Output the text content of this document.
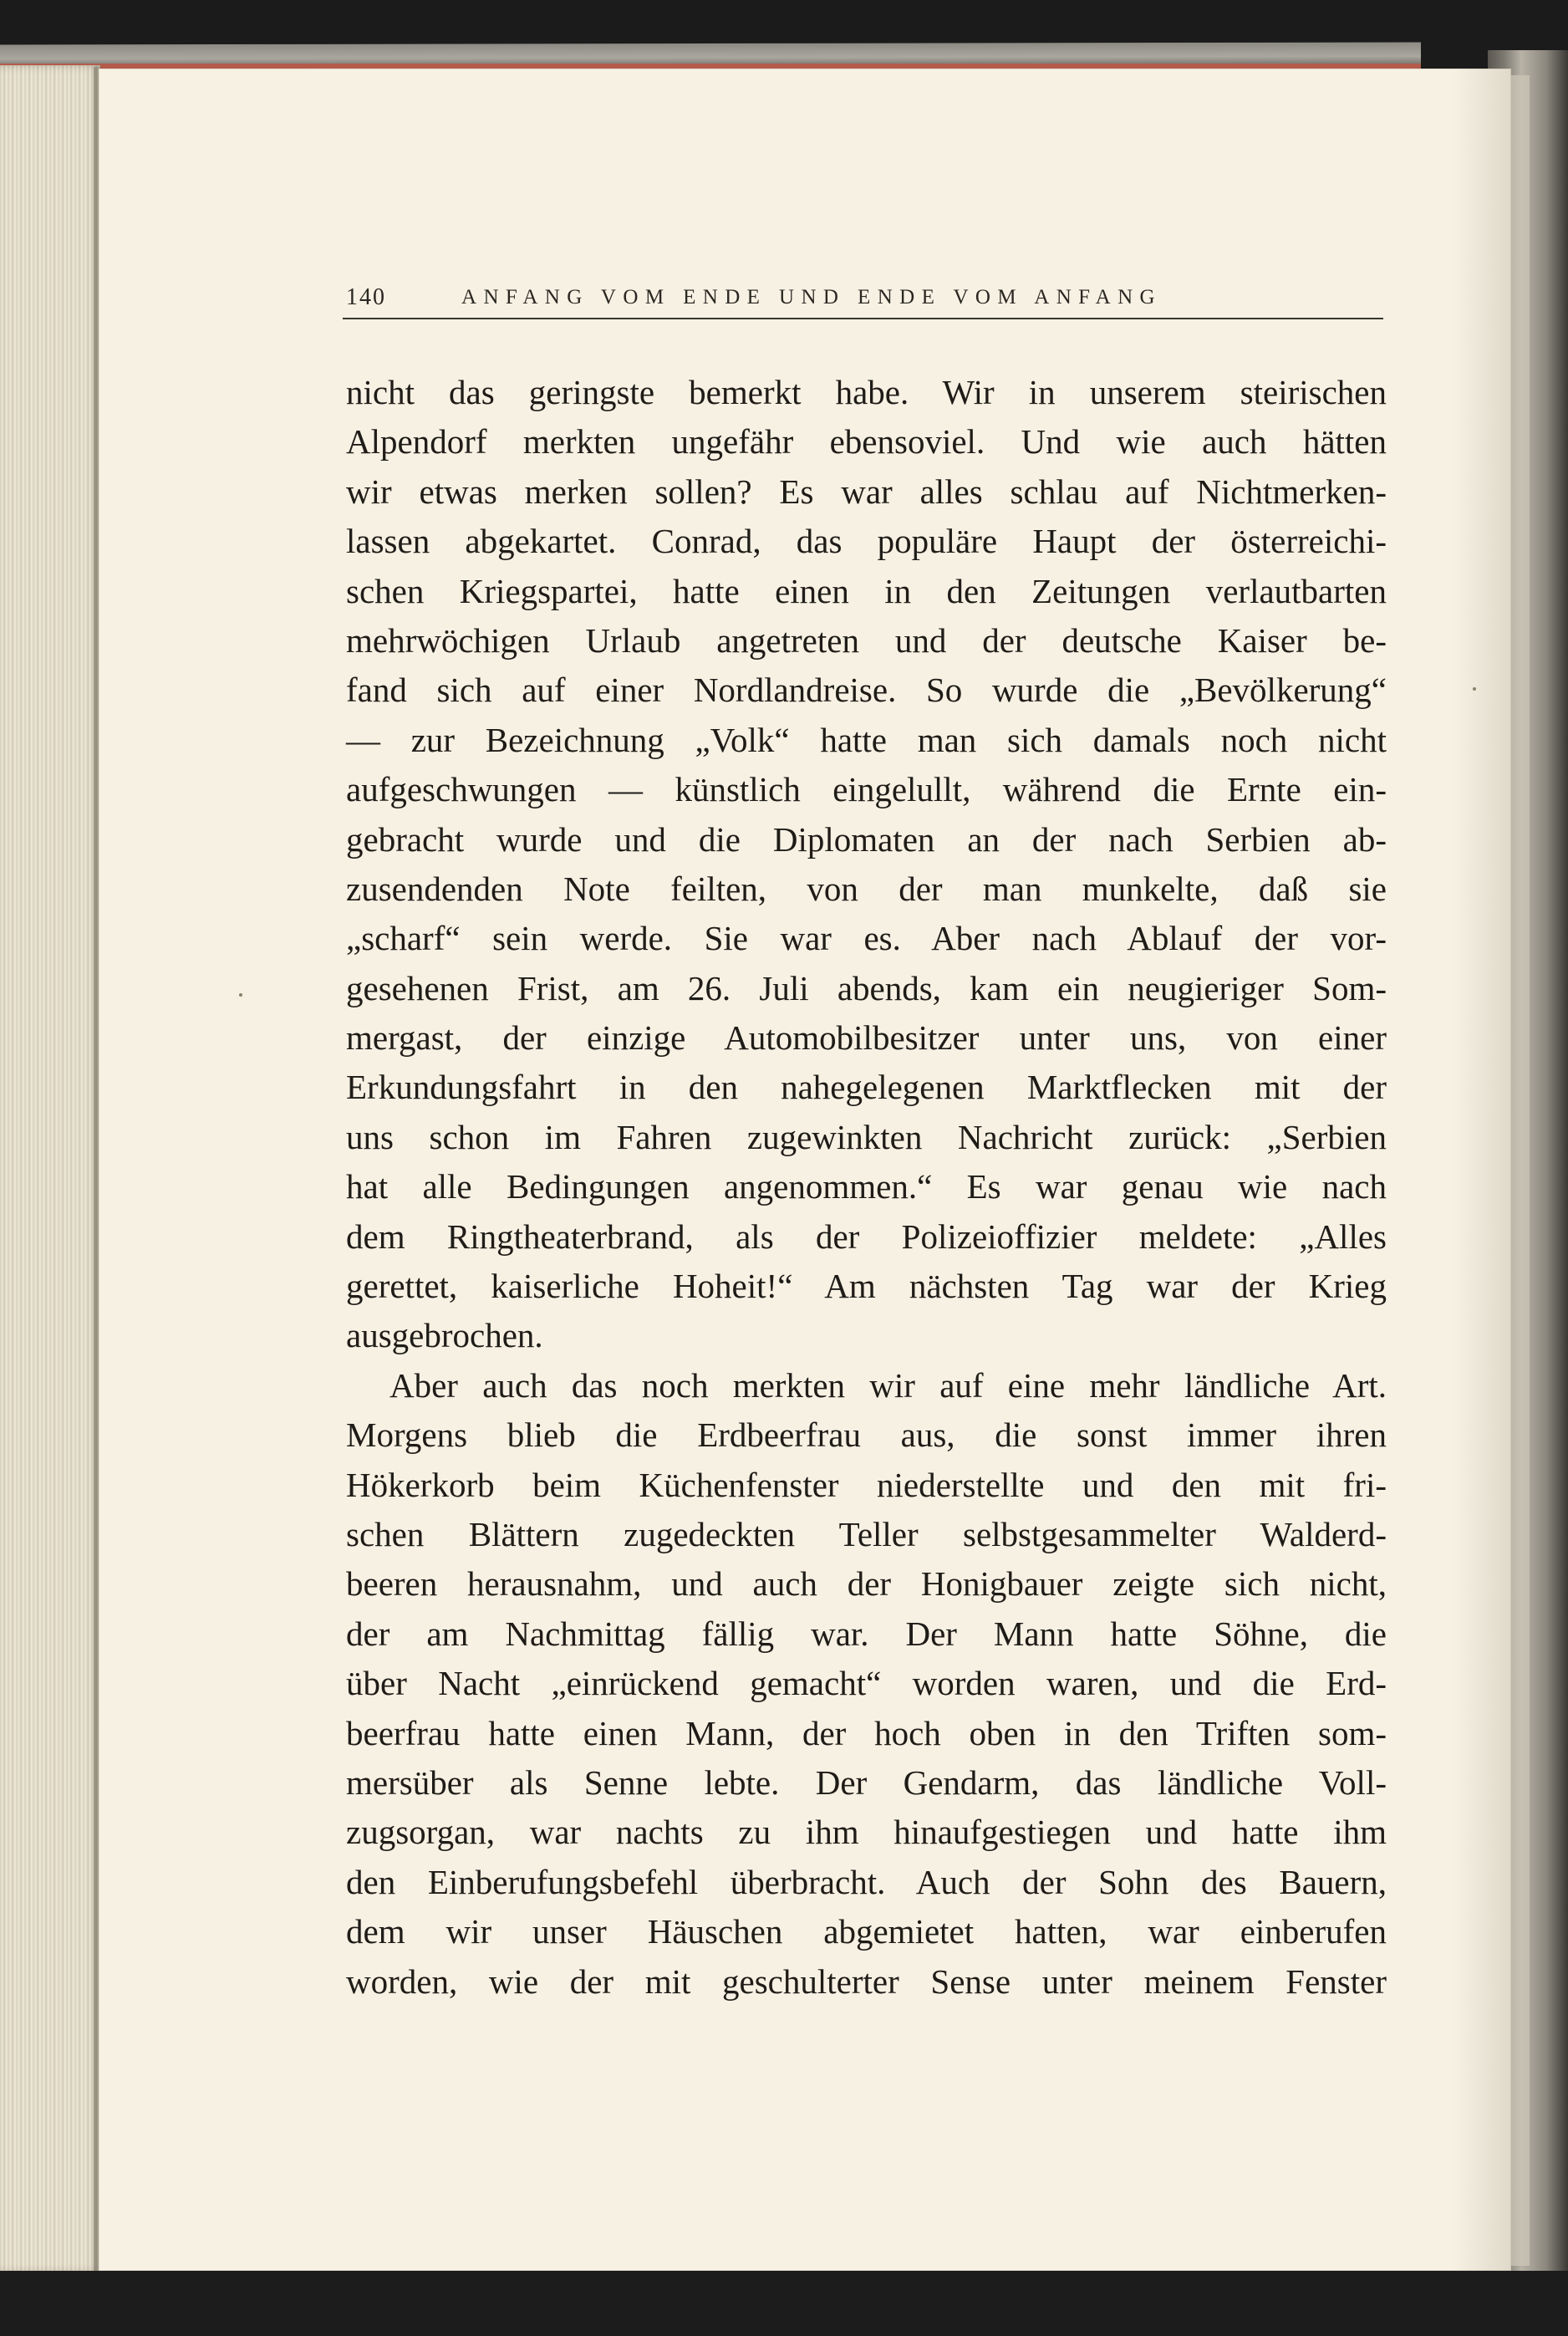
140	ANFANG VOM ENDE UND ENDE VOM ANFANG
nicht das geringste bemerkt habe. Wir in unserem steirischen
Alpendorf merkten ungefähr ebensoviel. Und wie auch hätten
wir etwas merken sollen? Es war alles schlau auf Nichtmerken-
lassen abgekartet. Conrad, das populäre Haupt der österreichi-
schen Kriegspartei, hatte einen in den Zeitungen verlautbarten
mehrwöchigen Urlaub angetreten und der deutsche Kaiser be-
fand sich auf einer Nordlandreise. So wurde die „Bevölkerung“
— zur Bezeichnung „Volk“ hatte man sich damals noch nicht
aufgeschwungen — künstlich eingelullt, während die Ernte ein-
gebracht wurde und die Diplomaten an der nach Serbien ab-
zusendenden Note feilten, von der man munkelte, daß sie
„scharf“ sein werde. Sie war es. Aber nach Ablauf der vor-
gesehenen Frist, am 26. Juli abends, kam ein neugieriger Som-
mergast, der einzige Automobilbesitzer unter uns, von einer
Erkundungsfahrt in den nahegelegenen Marktflecken mit der
uns schon im Fahren zugewinkten Nachricht zurück: „Serbien
hat alle Bedingungen angenommen.“ Es war genau wie nach
dem Ringtheaterbrand, als der Polizeioffizier meldete: „Alles
gerettet, kaiserliche Hoheit!“ Am nächsten Tag war der Krieg
ausgebrochen.
Aber auch das noch merkten wir auf eine mehr ländliche Art.
Morgens blieb die Erdbeerfrau aus, die sonst immer ihren
Hökerkorb beim Küchenfenster niederstellte und den mit fri-
schen Blättern zugedeckten Teller selbstgesammelter Walderd-
beeren herausnahm, und auch der Honigbauer zeigte sich nicht,
der am Nachmittag fällig war. Der Mann hatte Söhne, die
über Nacht „einrückend gemacht“ worden waren, und die Erd-
beerfrau hatte einen Mann, der hoch oben in den Triften som-
mersüber als Senne lebte. Der Gendarm, das ländliche Voll-
zugsorgan, war nachts zu ihm hinaufgestiegen und hatte ihm
den Einberufungsbefehl überbracht. Auch der Sohn des Bauern,
dem wir unser Häuschen abgemietet hatten, war einberufen
worden, wie der mit geschulterter Sense unter meinem Fenster
